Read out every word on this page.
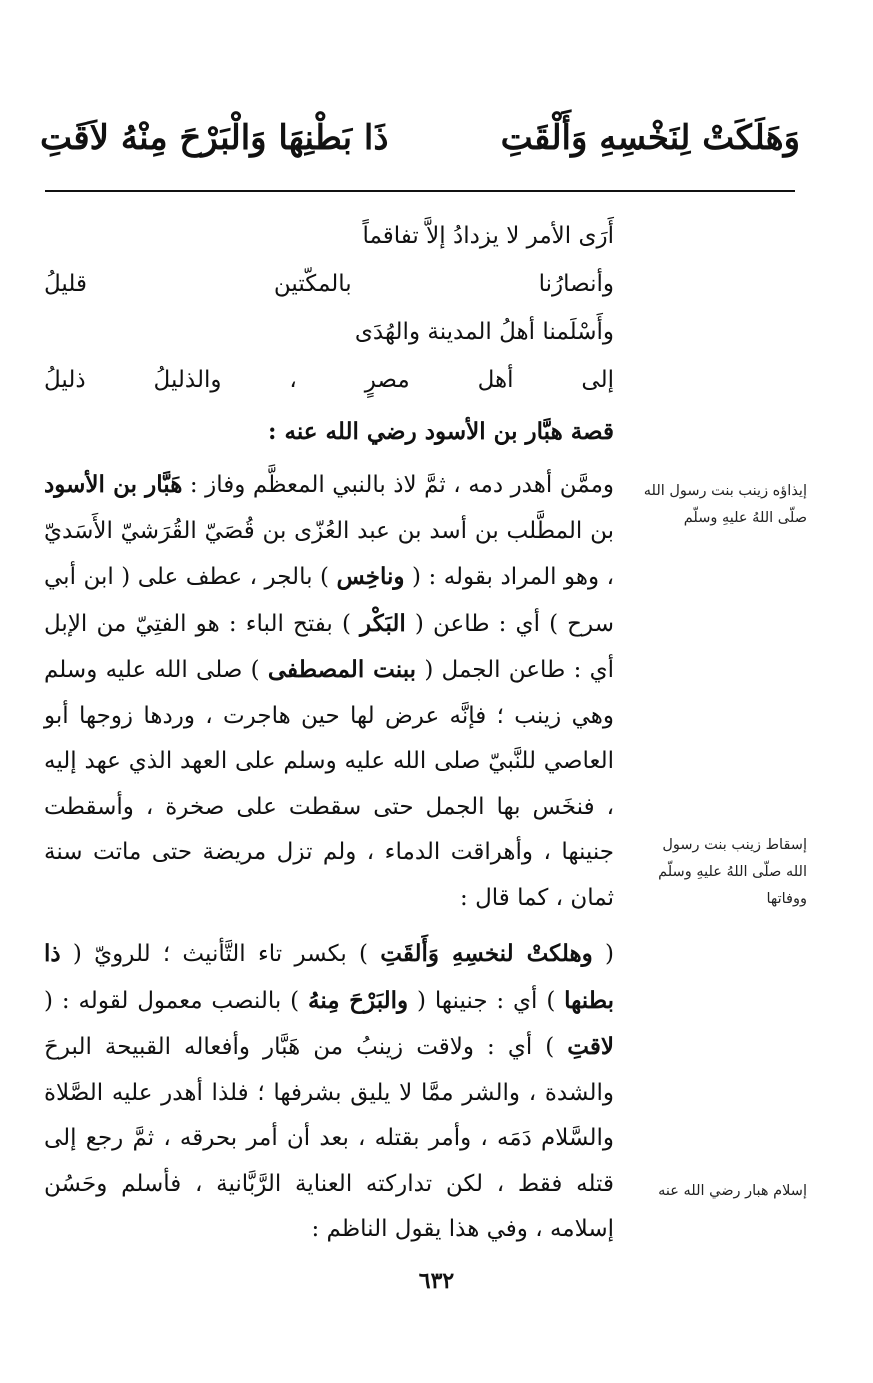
وَهَلَكَتْ لِنَخْسِهِ وَأَلْقَتِ
ذَا بَطْنِهَا وَالْبَرْحَ مِنْهُ لاَقَتِ
أَرَى الأمر لا يزدادُ إلاَّ تفاقماً
وأنصارُنا بالمكّتين قليلُ
وأَسْلَمنا أهلُ المدينة والهُدَى
إلى أهل مصرٍ ، والذليلُ ذليلُ
قصة هبَّار بن الأسود رضي الله عنه :

وممَّن أهدر دمه ، ثمَّ لاذ بالنبي المعظَّم وفاز : هَبَّار بن الأسود بن المطَّلب بن أسد بن عبد العُزّى بن قُصَيّ القُرَشيّ الأَسَديّ ، وهو المراد بقوله : ( وناخِس ) بالجر ، عطف على ( ابن أبي سرح ) أي : طاعن ( البَكْر ) بفتح الباء : هو الفتِيّ من الإبل أي : طاعن الجمل ( ببنت المصطفى ) صلى الله عليه وسلم وهي زينب ؛ فإنَّه عرض لها حين هاجرت ، وردها زوجها أبو العاصي للنَّبيّ صلى الله عليه وسلم على العهد الذي عهد إليه ، فنخَس بها الجمل حتى سقطت على صخرة ، وأسقطت جنينها ، وأهراقت الدماء ، ولم تزل مريضة حتى ماتت سنة ثمان ، كما قال :

( وهلكتْ لنخسِهِ وَأَلقَتِ ) بكسر تاء التَّأنيث ؛ للرويّ ( ذا بطنها ) أي : جنينها ( والبَرْحَ مِنهُ ) بالنصب معمول لقوله : ( لاقتِ ) أي : ولاقت زينبُ من هَبَّار وأفعاله القبيحة البرحَ والشدة ، والشر ممَّا لا يليق بشرفها ؛ فلذا أهدر عليه الصَّلاة والسَّلام دَمَه ، وأمر بقتله ، بعد أن أمر بحرقه ، ثمَّ رجع إلى قتله فقط ، لكن تداركته العناية الرَّبَّانية ، فأسلم وحَسُن إسلامه ، وفي هذا يقول الناظم :

إيذاؤه زينب بنت رسول الله صلّى اللهُ عليهِ وسلّم
إسقاط زينب بنت رسول الله صلّى اللهُ عليهِ وسلّم ووفاتها
إسلام هبار رضي الله عنه
٦٣٢
